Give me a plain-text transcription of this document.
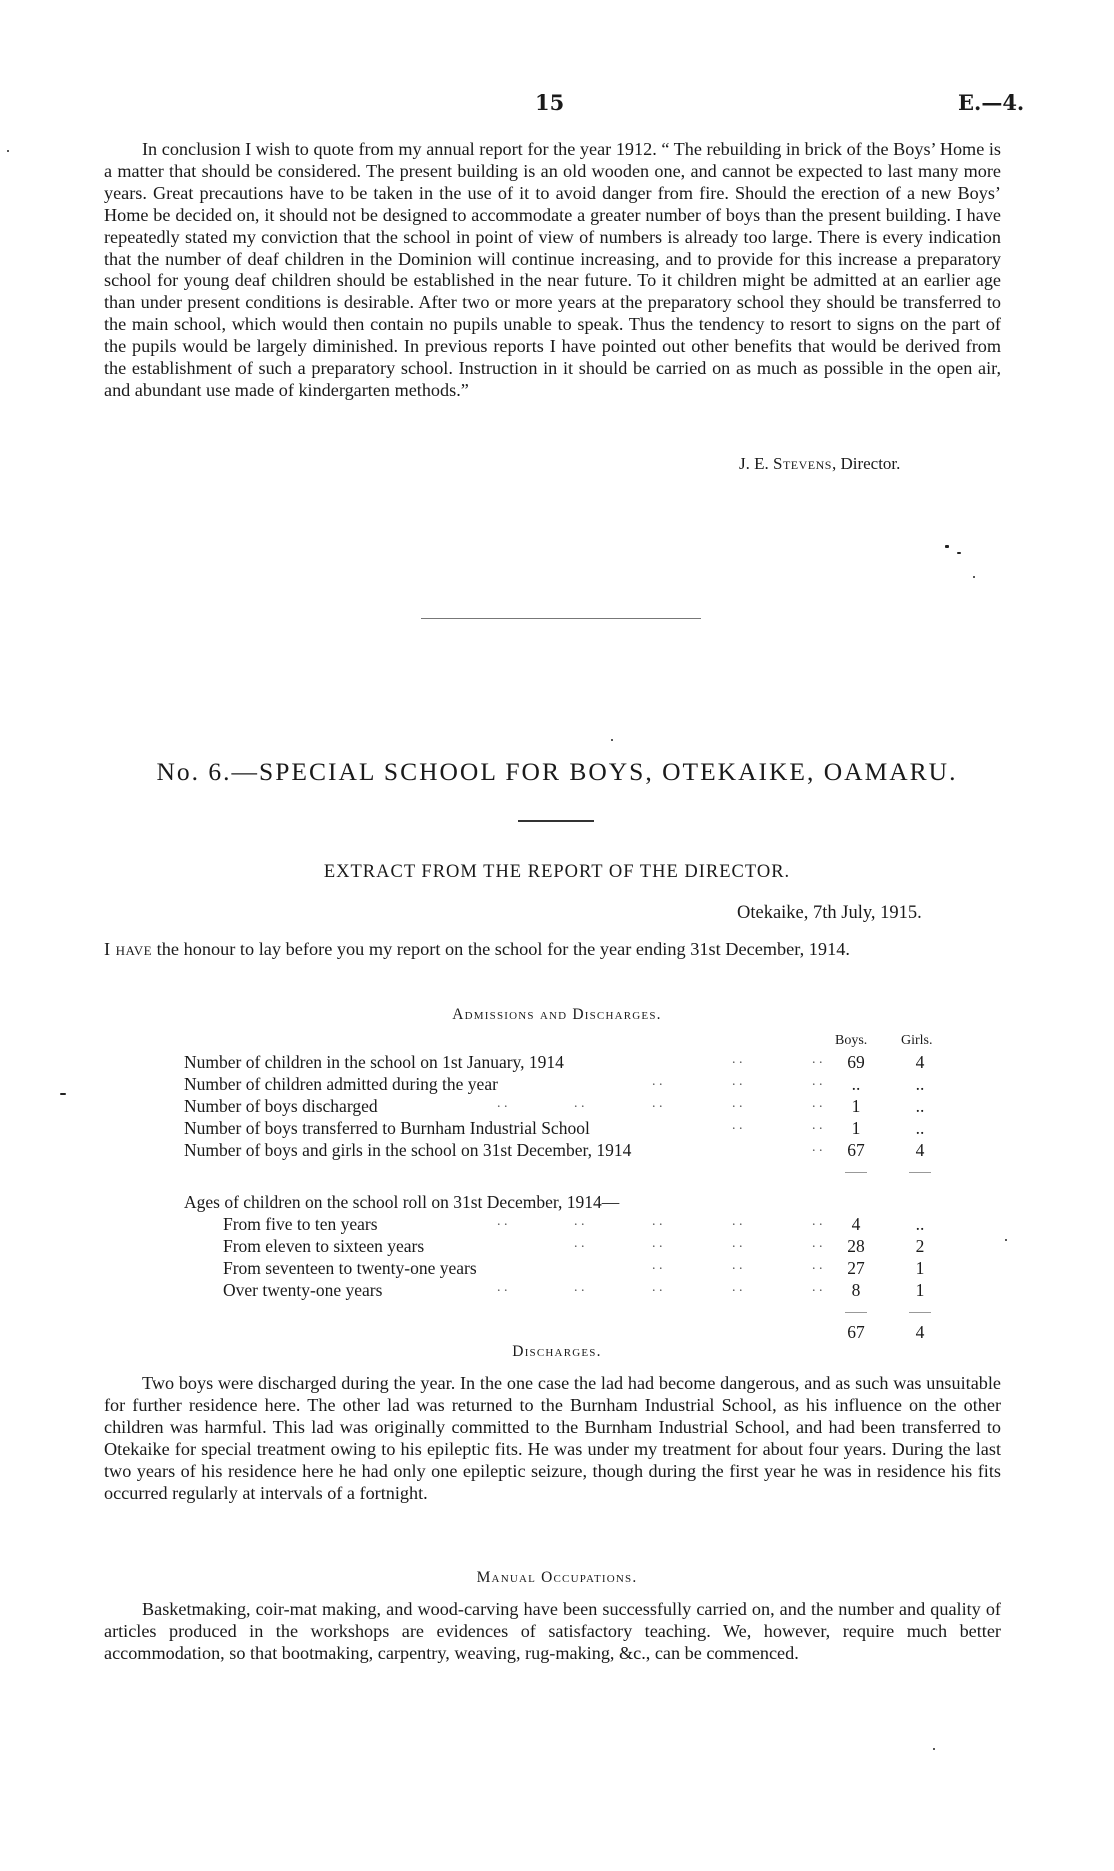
15	E.—4.

In conclusion I wish to quote from my annual report for the year 1912. “ The rebuilding in brick of the Boys’ Home is a matter that should be considered. The present building is an old wooden one, and cannot be expected to last many more years. Great precautions have to be taken in the use of it to avoid danger from fire. Should the erection of a new Boys’ Home be decided on, it should not be designed to accommodate a greater number of boys than the present building. I have repeatedly stated my conviction that the school in point of view of numbers is already too large. There is every indication that the number of deaf children in the Dominion will continue increasing, and to provide for this increase a preparatory school for young deaf children should be established in the near future. To it children might be admitted at an earlier age than under present conditions is desirable. After two or more years at the preparatory school they should be transferred to the main school, which would then contain no pupils unable to speak. Thus the tendency to resort to signs on the part of the pupils would be largely diminished. In previous reports I have pointed out other benefits that would be derived from the establishment of such a preparatory school. Instruction in it should be carried on as much as possible in the open air, and abundant use made of kindergarten methods.”

J. E. Stevens, Director.
No. 6.—SPECIAL SCHOOL FOR BOYS, OTEKAIKE, OAMARU.
EXTRACT FROM THE REPORT OF THE DIRECTOR.
Otekaike, 7th July, 1915.
I have the honour to lay before you my report on the school for the year ending 31st December, 1914.
Admissions and Discharges.
Boys. Girls.
Number of children in the school on 1st January, 1914	. .	. .	69	4
Number of children admitted during the year	. .	. .	. .	..	..
Number of boys discharged	. .	. .	. .	. .	. .	1	..
Number of boys transferred to Burnham Industrial School	. .	. .	1	..
Number of boys and girls in the school on 31st December, 1914	. .	67	4
Ages of children on the school roll on 31st December, 1914—
From five to ten years	. .	. .	. .	. .	. .	4	..
From eleven to sixteen years	. .	. .	. .	. .	28	2
From seventeen to twenty-one years	. .	. .	. .	27	1
Over twenty-one years	. .	. .	. .	. .	. .	8	1
67	4
Discharges.

Two boys were discharged during the year. In the one case the lad had become dangerous, and as such was unsuitable for further residence here. The other lad was returned to the Burnham Industrial School, as his influence on the other children was harmful. This lad was originally committed to the Burnham Industrial School, and had been transferred to Otekaike for special treatment owing to his epileptic fits. He was under my treatment for about four years. During the last two years of his residence here he had only one epileptic seizure, though during the first year he was in residence his fits occurred regularly at intervals of a fortnight.

Manual Occupations.

Basketmaking, coir-mat making, and wood-carving have been successfully carried on, and the number and quality of articles produced in the workshops are evidences of satisfactory teaching. We, however, require much better accommodation, so that bootmaking, carpentry, weaving, rug-making, &c., can be commenced.
